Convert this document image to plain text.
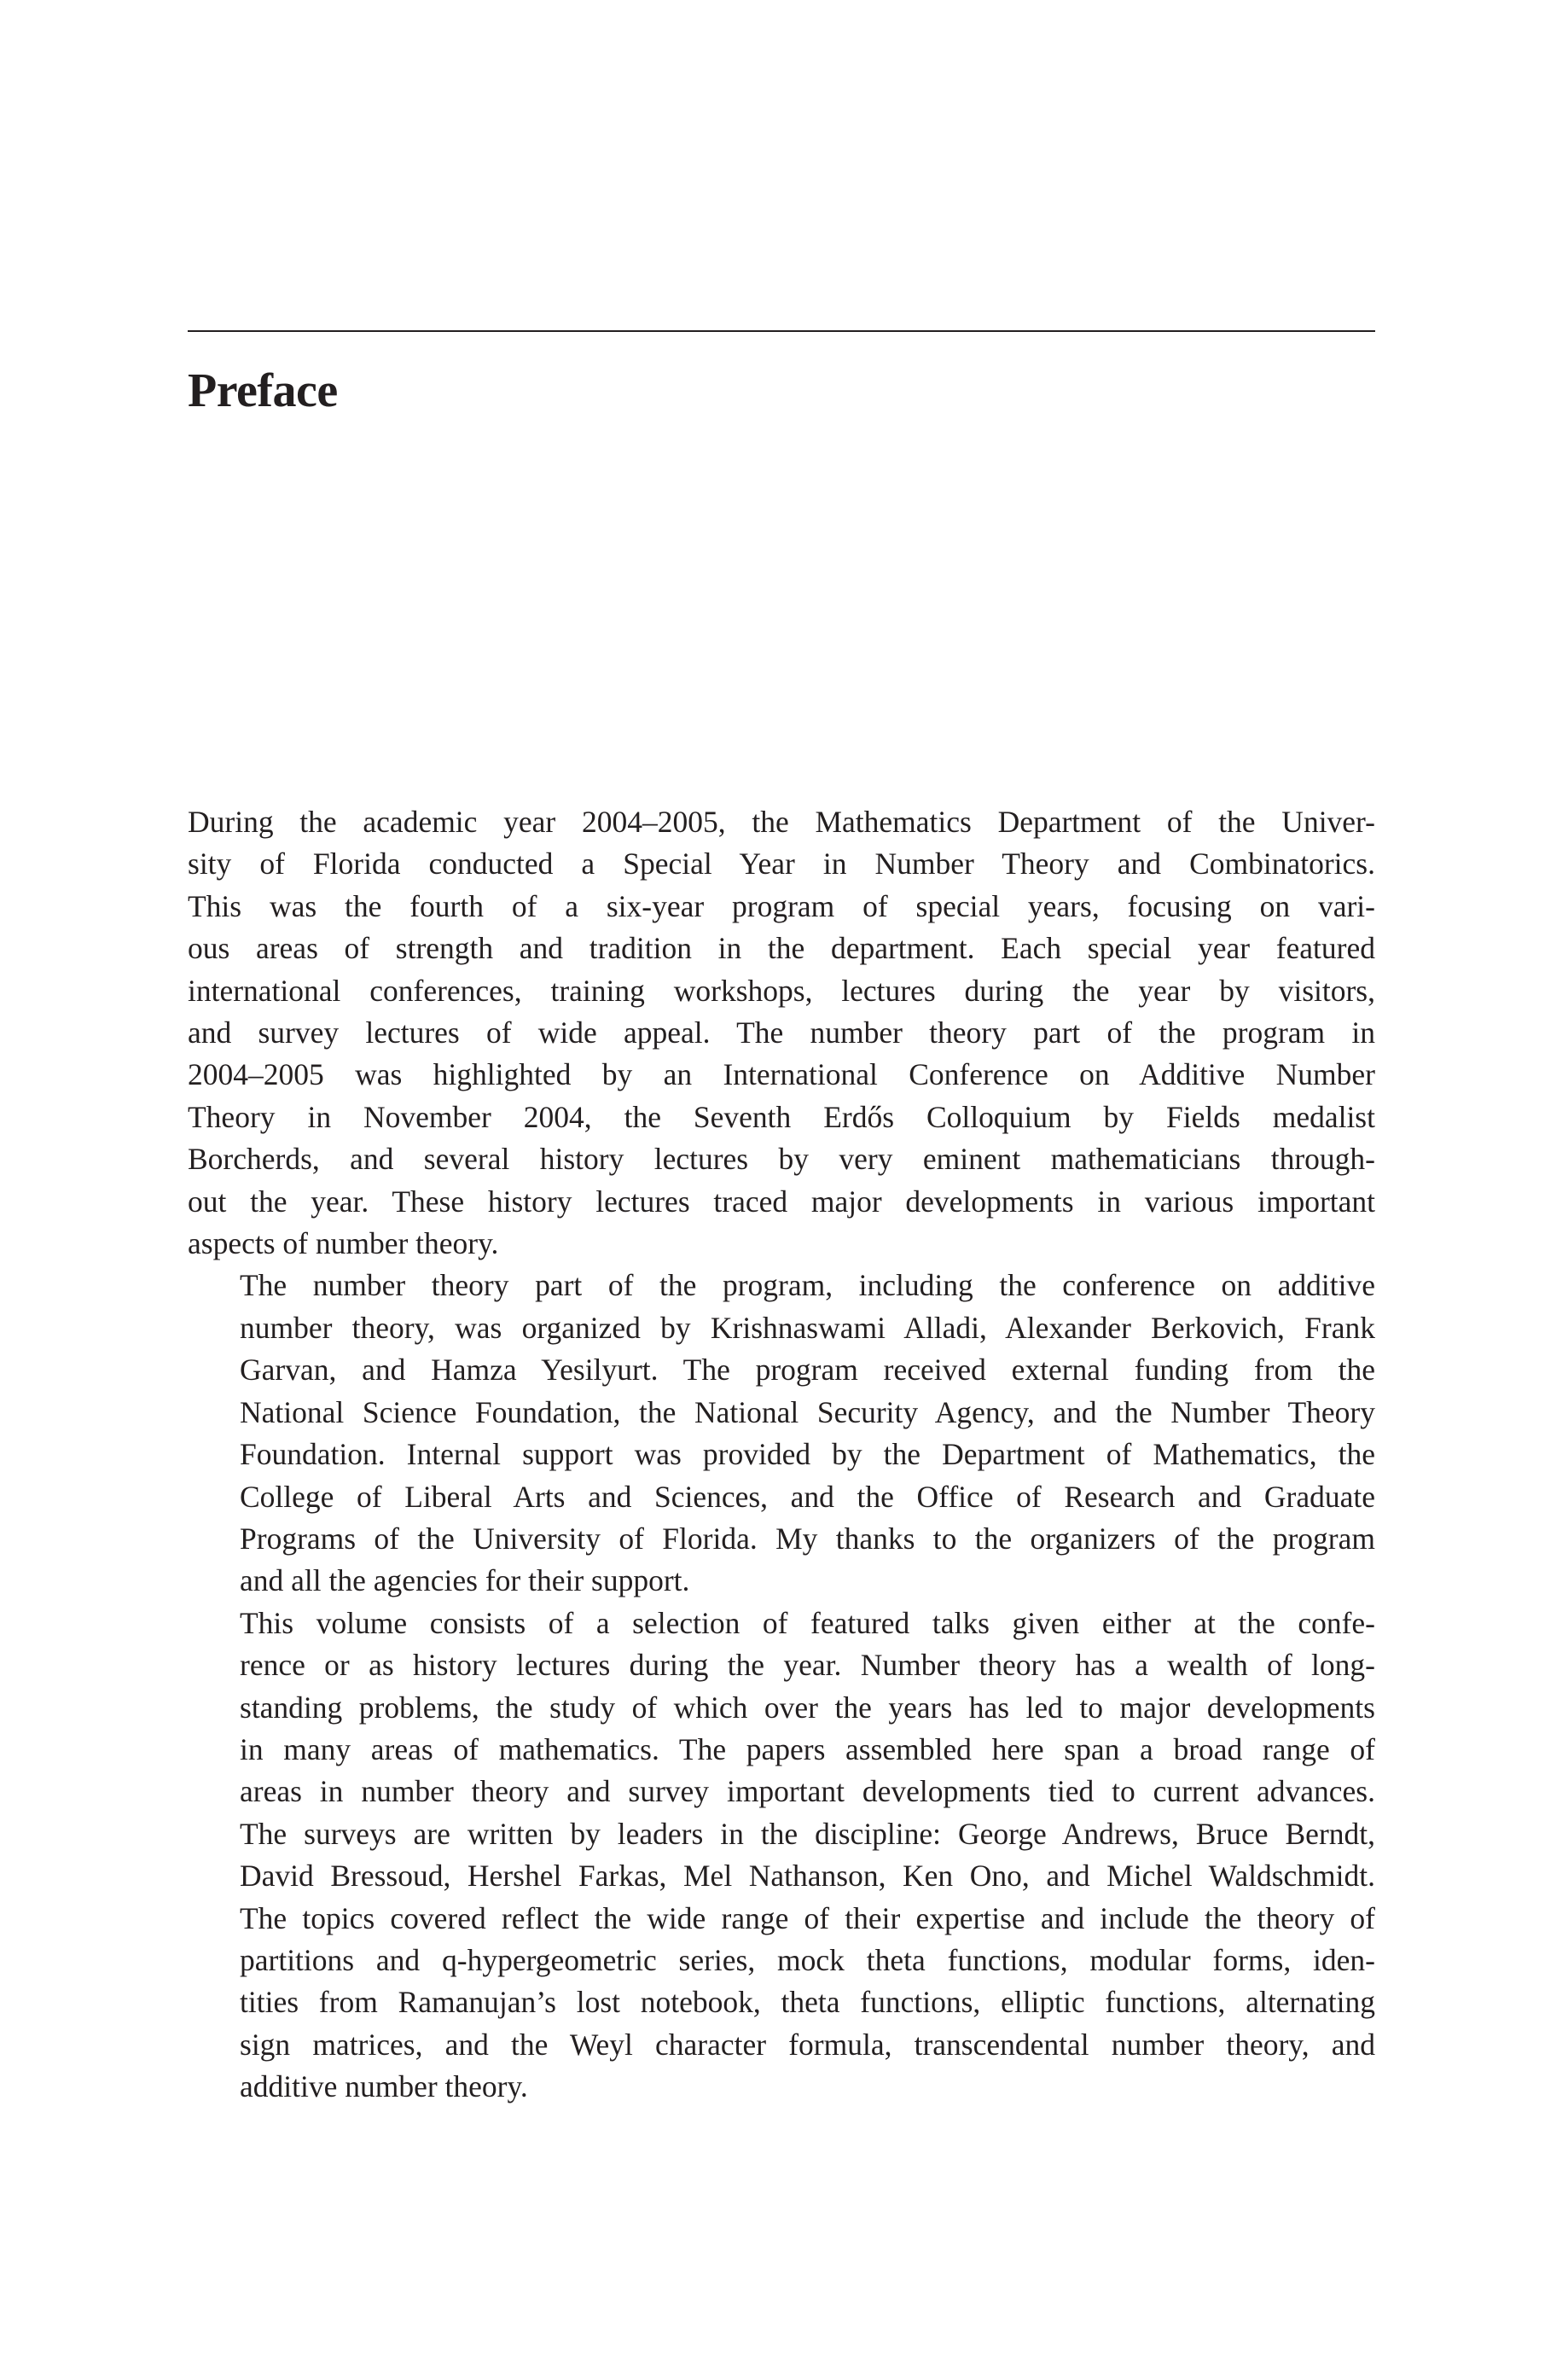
Preface

During the academic year 2004–2005, the Mathematics Department of the Univer-
sity of Florida conducted a Special Year in Number Theory and Combinatorics.
This was the fourth of a six-year program of special years, focusing on vari-
ous areas of strength and tradition in the department. Each special year featured
international conferences, training workshops, lectures during the year by visitors,
and survey lectures of wide appeal. The number theory part of the program in
2004–2005 was highlighted by an International Conference on Additive Number
Theory in November 2004, the Seventh Erdős Colloquium by Fields medalist
Borcherds, and several history lectures by very eminent mathematicians through-
out the year. These history lectures traced major developments in various important
aspects of number theory.

The number theory part of the program, including the conference on additive
number theory, was organized by Krishnaswami Alladi, Alexander Berkovich, Frank
Garvan, and Hamza Yesilyurt. The program received external funding from the
National Science Foundation, the National Security Agency, and the Number Theory
Foundation. Internal support was provided by the Department of Mathematics, the
College of Liberal Arts and Sciences, and the Office of Research and Graduate
Programs of the University of Florida. My thanks to the organizers of the program
and all the agencies for their support.

This volume consists of a selection of featured talks given either at the confe-
rence or as history lectures during the year. Number theory has a wealth of long-
standing problems, the study of which over the years has led to major developments
in many areas of mathematics. The papers assembled here span a broad range of
areas in number theory and survey important developments tied to current advances.
The surveys are written by leaders in the discipline: George Andrews, Bruce Berndt,
David Bressoud, Hershel Farkas, Mel Nathanson, Ken Ono, and Michel Waldschmidt.
The topics covered reflect the wide range of their expertise and include the theory of
partitions and q-hypergeometric series, mock theta functions, modular forms, iden-
tities from Ramanujan’s lost notebook, theta functions, elliptic functions, alternating
sign matrices, and the Weyl character formula, transcendental number theory, and
additive number theory.
